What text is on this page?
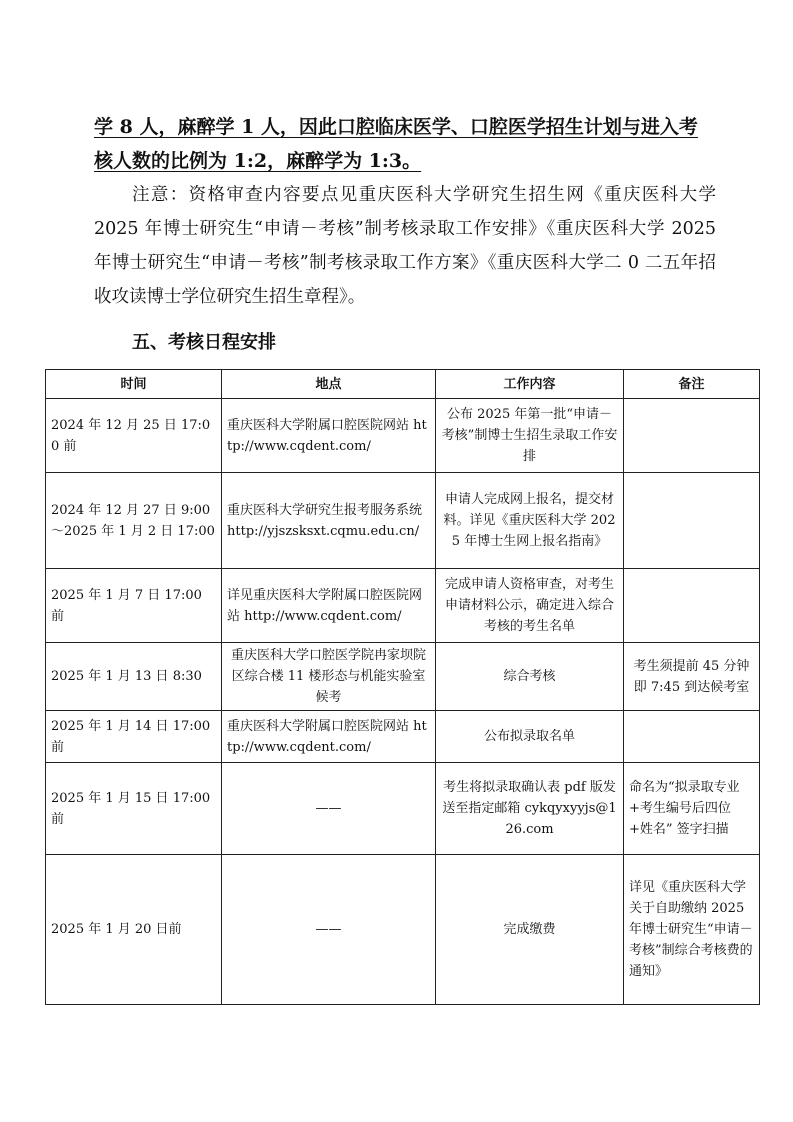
学 8 人，麻醉学 1 人，因此口腔临床医学、口腔医学招生计划与进入考核人数的比例为 1:2，麻醉学为 1:3。
注意：资格审查内容要点见重庆医科大学研究生招生网《重庆医科大学 2025 年博士研究生“申请－考核”制考核录取工作安排》《重庆医科大学 2025 年博士研究生“申请－考核”制考核录取工作方案》《重庆医科大学二 0 二五年招收攻读博士学位研究生招生章程》。
五、考核日程安排
时间	地点	工作内容	备注
2024 年 12 月 25 日 17:00 前	重庆医科大学附属口腔医院网站 http://www.cqdent.com/	公布 2025 年第一批“申请－考核”制博士生招生录取工作安排	
2024 年 12 月 27 日 9:00～2025 年 1 月 2 日 17:00	重庆医科大学研究生报考服务系统 http://yjszsksxt.cqmu.edu.cn/	申请人完成网上报名，提交材料。详见《重庆医科大学 2025 年博士生网上报名指南》	
2025 年 1 月 7 日 17:00 前	详见重庆医科大学附属口腔医院网站 http://www.cqdent.com/	完成申请人资格审查，对考生申请材料公示，确定进入综合考核的考生名单	
2025 年 1 月 13 日 8:30	重庆医科大学口腔医学院冉家坝院区综合楼 11 楼形态与机能实验室候考	综合考核	考生须提前 45 分钟即 7:45 到达候考室
2025 年 1 月 14 日 17:00 前	重庆医科大学附属口腔医院网站 http://www.cqdent.com/	公布拟录取名单	
2025 年 1 月 15 日 17:00 前	——	考生将拟录取确认表 pdf 版发送至指定邮箱 cykqyxyyjs@126.com	命名为“拟录取专业+考生编号后四位+姓名” 签字扫描
2025 年 1 月 20 日前	——	完成缴费	详见《重庆医科大学关于自助缴纳 2025 年博士研究生“申请－考核”制综合考核费的通知》
